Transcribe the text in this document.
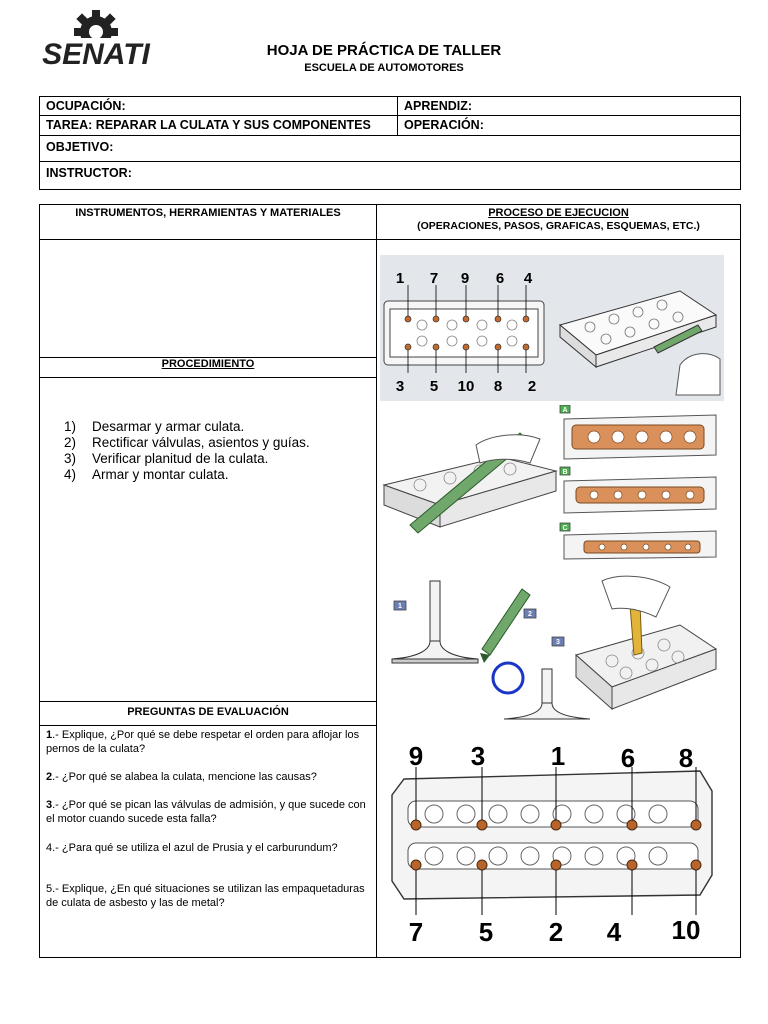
SENATI	HOJA DE PRÁCTICA DE TALLER
ESCUELA DE AUTOMOTORES
OCUPACIÓN:	APRENDIZ:
TAREA: REPARAR LA CULATA Y SUS COMPONENTES	OPERACIÓN:
OBJETIVO:
INSTRUCTOR:
INSTRUMENTOS, HERRAMIENTAS Y MATERIALES	PROCESO DE EJECUCION
(OPERACIONES, PASOS, GRAFICAS, ESQUEMAS, ETC.)
PROCEDIMIENTO
1) Desarmar y armar culata.
2) Rectificar válvulas, asientos y guías.
3) Verificar planitud de la culata.
4) Armar y montar culata.
PREGUNTAS DE EVALUACIÓN
1.- Explique, ¿Por qué se debe respetar el orden para aflojar los pernos de la culata?
2.- ¿Por qué se alabea la culata, mencione las causas?
3.- ¿Por qué se pican las válvulas de admisión, y que sucede con el motor cuando sucede esta falla?
4.- ¿Para qué se utiliza el azul de Prusia y el carburundum?
5.- Explique, ¿En qué situaciones se utilizan las empaquetaduras de culata de asbesto y las de metal?
1 7 9 6 4
3 5 10 8 2
A
B
C
1
2
3
9 3	1 6 8
7 5 2 4 10
